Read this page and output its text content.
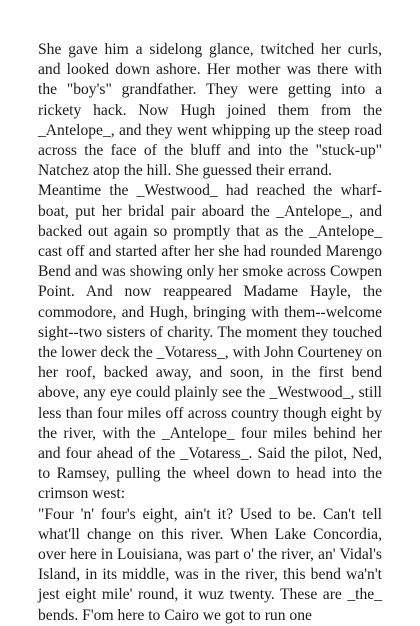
She gave him a sidelong glance, twitched her curls, and looked down ashore. Her mother was there with the "boy's" grandfather. They were getting into a rickety hack. Now Hugh joined them from the _Antelope_, and they went whipping up the steep road across the face of the bluff and into the "stuck-up" Natchez atop the hill. She guessed their errand.

Meantime the _Westwood_ had reached the wharf-boat, put her bridal pair aboard the _Antelope_, and backed out again so promptly that as the _Antelope_ cast off and started after her she had rounded Marengo Bend and was showing only her smoke across Cowpen Point. And now reappeared Madame Hayle, the commodore, and Hugh, bringing with them--welcome sight--two sisters of charity. The moment they touched the lower deck the _Votaress_, with John Courteney on her roof, backed away, and soon, in the first bend above, any eye could plainly see the _Westwood_, still less than four miles off across country though eight by the river, with the _Antelope_ four miles behind her and four ahead of the _Votaress_. Said the pilot, Ned, to Ramsey, pulling the wheel down to head into the crimson west:

"Four 'n' four's eight, ain't it? Used to be. Can't tell what'll change on this river. When Lake Concordia, over here in Louisiana, was part o' the river, an' Vidal's Island, in its middle, was in the river, this bend wa'n't jest eight mile' round, it wuz twenty. These are _the_ bends. F'om here to Cairo we got to run one
